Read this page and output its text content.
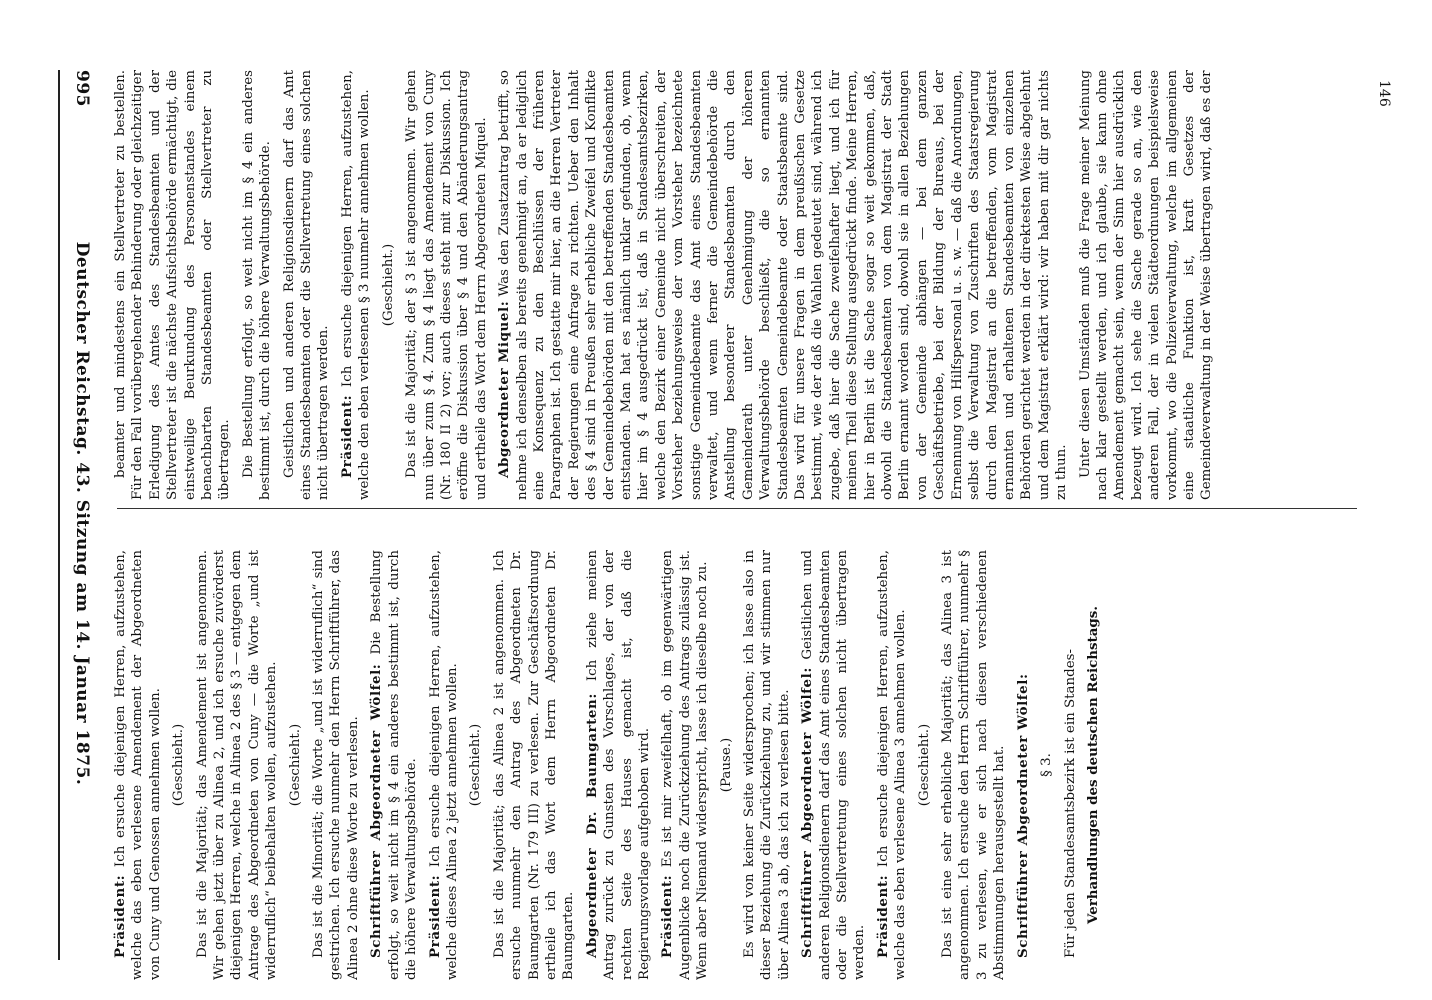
995
Deutscher Reichstag. 43. Sitzung am 14. Januar 1875.

Präsident: Ich ersuche diejenigen Herren, aufzustehen, welche das eben verlesene Amendement der Abgeordneten von Cuny und Genossen annehmen wollen. (Geschieht.) Das ist die Majorität; das Amendement ist angenommen. Wir gehen jetzt über zu Alinea 2, und ich ersuche zuvörderst diejenigen Herren, welche in Alinea 2 des § 3 — entgegen dem Antrage des Abgeordneten von Cuny — die Worte „und ist widerruflich“ beibehalten wollen, aufzustehen. (Geschieht.) Das ist die Minorität; die Worte „und ist widerruflich“ sind gestrichen. Ich ersuche nunmehr den Herrn Schriftführer, das Alinea 2 ohne diese Worte zu verlesen. Schriftführer Abgeordneter Wölfel: Die Bestellung erfolgt, so weit nicht im § 4 ein anderes bestimmt ist, durch die höhere Verwaltungsbehörde. Präsident: Ich ersuche diejenigen Herren, aufzustehen, welche dieses Alinea 2 jetzt annehmen wollen. (Geschieht.) Das ist die Majorität; das Alinea 2 ist angenommen. Ich ersuche nunmehr den Antrag des Abgeordneten Dr. Baumgarten (Nr. 179 III) zu verlesen. Zur Geschäftsordnung ertheile ich das Wort dem Herrn Abgeordneten Dr. Baumgarten. Abgeordneter Dr. Baumgarten: Ich ziehe meinen Antrag zurück zu Gunsten des Vorschlages, der von der rechten Seite des Hauses gemacht ist, daß die Regierungsvorlage aufgehoben wird. Präsident: Es ist mir zweifelhaft, ob im gegenwärtigen Augenblicke noch die Zurückziehung des Antrags zulässig ist. Wenn aber Niemand widerspricht, lasse ich dieselbe noch zu. (Pause.) Es wird von keiner Seite widersprochen; ich lasse also in dieser Beziehung die Zurückziehung zu, und wir stimmen nur über Alinea 3 ab, das ich zu verlesen bitte. Schriftführer Abgeordneter Wölfel: Geistlichen und anderen Religionsdienern darf das Amt eines Standesbeamten oder die Stellvertretung eines solchen nicht übertragen werden. Präsident: Ich ersuche diejenigen Herren, aufzustehen, welche das eben verlesene Alinea 3 annehmen wollen. (Geschieht.) Das ist eine sehr erhebliche Majorität; das Alinea 3 ist angenommen. Ich ersuche den Herrn Schriftführer, nunmehr § 3 zu verlesen, wie er sich nach diesen verschiedenen Abstimmungen herausgestellt hat. Schriftführer Abgeordneter Wölfel: § 3. Für jeden Standesamtsbezirk ist ein Standes- Verhandlungen des deutschen Reichstags.

beamter und mindestens ein Stellvertreter zu bestellen. Für den Fall vorübergehender Behinderung oder gleichzeitiger Erledigung des Amtes des Standesbeamten und der Stellvertreter ist die nächste Aufsichtsbehörde ermächtigt, die einstweilige Beurkundung des Personenstandes einem benachbarten Standesbeamten oder Stellvertreter zu übertragen. Die Bestellung erfolgt, so weit nicht im § 4 ein anderes bestimmt ist, durch die höhere Verwaltungsbehörde. Geistlichen und anderen Religionsdienern darf das Amt eines Standesbeamten oder die Stellvertretung eines solchen nicht übertragen werden. Präsident: Ich ersuche diejenigen Herren, aufzustehen, welche den eben verlesenen § 3 nunmehr annehmen wollen. (Geschieht.) Das ist die Majorität; der § 3 ist angenommen. Wir gehen nun über zum § 4. Zum § 4 liegt das Amendement von Cuny (Nr. 180 II 2) vor; auch dieses steht mit zur Diskussion. Ich eröffne die Diskussion über § 4 und den Abänderungsantrag und ertheile das Wort dem Herrn Abgeordneten Miquel. Abgeordneter Miquel: Was den Zusatzantrag betrifft, so nehme ich denselben als bereits genehmigt an, da er lediglich eine Konsequenz zu den Beschlüssen der früheren Paragraphen ist. Ich gestatte mir hier, an die Herren Vertreter der Regierungen eine Anfrage zu richten. Ueber den Inhalt des § 4 sind in Preußen sehr erhebliche Zweifel und Konflikte der Gemeindebehörden mit den betreffenden Standesbeamten entstanden. Man hat es nämlich unklar gefunden, ob, wenn hier im § 4 ausgedrückt ist, daß in Standesamtsbezirken, welche den Bezirk einer Gemeinde nicht überschreiten, der Vorsteher beziehungsweise der vom Vorsteher bezeichnete sonstige Gemeindebeamte das Amt eines Standesbeamten verwaltet, und wenn ferner die Gemeindebehörde die Anstellung besonderer Standesbeamten durch den Gemeinderath unter Genehmigung der höheren Verwaltungsbehörde beschließt, die so ernannten Standesbeamten Gemeindebeamte oder Staatsbeamte sind. Das wird für unsere Fragen in dem preußischen Gesetze bestimmt, wie der daß die Wahlen gedeutet sind, während ich zugebe, daß hier die Sache zweifelhafter liegt, und ich für meinen Theil diese Stellung ausgedrückt finde. Meine Herren, hier in Berlin ist die Sache sogar so weit gekommen, daß, obwohl die Standesbeamten von dem Magistrat der Stadt Berlin ernannt worden sind, obwohl sie in allen Beziehungen von der Gemeinde abhängen — bei dem ganzen Geschäftsbetriebe, bei der Bildung der Bureaus, bei der Ernennung von Hilfspersonal u. s. w. — daß die Anordnungen, selbst die Verwaltung von Zuschriften des Staatsregierung durch den Magistrat an die betreffenden, vom Magistrat ernannten und erhaltenen Standesbeamten von einzelnen Behörden gerichtet werden in der direktesten Weise abgelehnt und dem Magistrat erklärt wird: wir haben mit dir gar nichts zu thun. Unter diesen Umständen muß die Frage meiner Meinung nach klar gestellt werden, und ich glaube, sie kann ohne Amendement gemacht sein, wenn der Sinn hier ausdrücklich bezeugt wird. Ich sehe die Sache gerade so an, wie den anderen Fall, der in vielen Städteordnungen beispielsweise vorkommt, wo die Polizeiverwaltung, welche im allgemeinen eine staatliche Funktion ist, kraft Gesetzes der Gemeindeverwaltung in der Weise übertragen wird, daß es der	146
